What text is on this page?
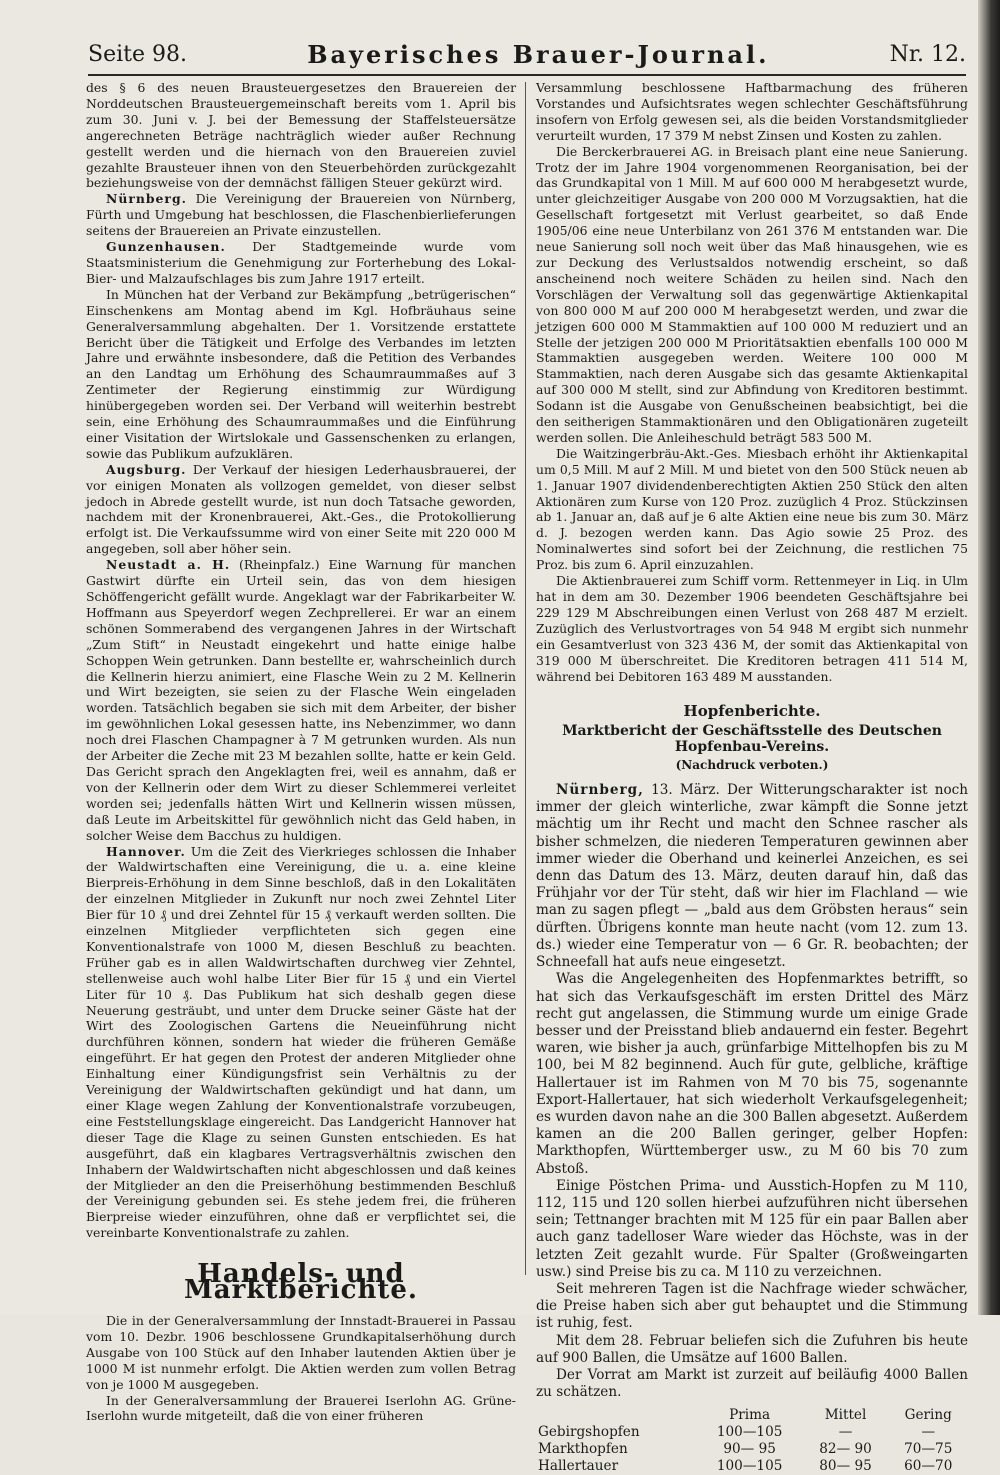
Seite 98.	Bayerisches Brauer-Journal.	Nr. 12.

des § 6 des neuen Brausteuergesetzes den Brauereien der Norddeutschen Brausteuergemeinschaft bereits vom 1. April bis zum 30. Juni v. J. bei der Bemessung der Staffelsteuersätze angerechneten Beträge nachträglich wieder außer Rechnung gestellt werden und die hiernach von den Brauereien zuviel gezahlte Brausteuer ihnen von den Steuerbehörden zurückgezahlt beziehungsweise von der demnächst fälligen Steuer gekürzt wird.

Nürnberg. Die Vereinigung der Brauereien von Nürnberg, Fürth und Umgebung hat beschlossen, die Flaschenbierlieferungen seitens der Brauereien an Private einzustellen.

Gunzenhausen. Der Stadtgemeinde wurde vom Staatsministerium die Genehmigung zur Forterhebung des Lokal-Bier- und Malzaufschlages bis zum Jahre 1917 erteilt.

In München hat der Verband zur Bekämpfung „betrügerischen“ Einschenkens am Montag abend im Kgl. Hofbräuhaus seine Generalversammlung abgehalten. Der 1. Vorsitzende erstattete Bericht über die Tätigkeit und Erfolge des Verbandes im letzten Jahre und erwähnte insbesondere, daß die Petition des Verbandes an den Landtag um Erhöhung des Schaumraummaßes auf 3 Zentimeter der Regierung einstimmig zur Würdigung hinübergegeben worden sei. Der Verband will weiterhin bestrebt sein, eine Erhöhung des Schaumraummaßes und die Einführung einer Visitation der Wirtslokale und Gassenschenken zu erlangen, sowie das Publikum aufzuklären.

Augsburg. Der Verkauf der hiesigen Lederhausbrauerei, der vor einigen Monaten als vollzogen gemeldet, von dieser selbst jedoch in Abrede gestellt wurde, ist nun doch Tatsache geworden, nachdem mit der Kronenbrauerei, Akt.-Ges., die Protokollierung erfolgt ist. Die Verkaufssumme wird von einer Seite mit 220 000 M angegeben, soll aber höher sein.

Neustadt a. H. (Rheinpfalz.) Eine Warnung für manchen Gastwirt dürfte ein Urteil sein, das von dem hiesigen Schöffengericht gefällt wurde. Angeklagt war der Fabrikarbeiter W. Hoffmann aus Speyerdorf wegen Zechprellerei. Er war an einem schönen Sommerabend des vergangenen Jahres in der Wirtschaft „Zum Stift“ in Neustadt eingekehrt und hatte einige halbe Schoppen Wein getrunken. Dann bestellte er, wahrscheinlich durch die Kellnerin hierzu animiert, eine Flasche Wein zu 2 M. Kellnerin und Wirt bezeigten, sie seien zu der Flasche Wein eingeladen worden. Tatsächlich begaben sie sich mit dem Arbeiter, der bisher im gewöhnlichen Lokal gesessen hatte, ins Nebenzimmer, wo dann noch drei Flaschen Champagner à 7 M getrunken wurden. Als nun der Arbeiter die Zeche mit 23 M bezahlen sollte, hatte er kein Geld. Das Gericht sprach den Angeklagten frei, weil es annahm, daß er von der Kellnerin oder dem Wirt zu dieser Schlemmerei verleitet worden sei; jedenfalls hätten Wirt und Kellnerin wissen müssen, daß Leute im Arbeitskittel für gewöhnlich nicht das Geld haben, in solcher Weise dem Bacchus zu huldigen.

Hannover. Um die Zeit des Vierkrieges schlossen die Inhaber der Waldwirtschaften eine Vereinigung, die u. a. eine kleine Bierpreis-Erhöhung in dem Sinne beschloß, daß in den Lokalitäten der einzelnen Mitglieder in Zukunft nur noch zwei Zehntel Liter Bier für 10 ₰ und drei Zehntel für 15 ₰ verkauft werden sollten. Die einzelnen Mitglieder verpflichteten sich gegen eine Konventionalstrafe von 1000 M, diesen Beschluß zu beachten. Früher gab es in allen Waldwirtschaften durchweg vier Zehntel, stellenweise auch wohl halbe Liter Bier für 15 ₰ und ein Viertel Liter für 10 ₰. Das Publikum hat sich deshalb gegen diese Neuerung gesträubt, und unter dem Drucke seiner Gäste hat der Wirt des Zoologischen Gartens die Neueinführung nicht durchführen können, sondern hat wieder die früheren Gemäße eingeführt. Er hat gegen den Protest der anderen Mitglieder ohne Einhaltung einer Kündigungsfrist sein Verhältnis zu der Vereinigung der Waldwirtschaften gekündigt und hat dann, um einer Klage wegen Zahlung der Konventionalstrafe vorzubeugen, eine Feststellungsklage eingereicht. Das Landgericht Hannover hat dieser Tage die Klage zu seinen Gunsten entschieden. Es hat ausgeführt, daß ein klagbares Vertragsverhältnis zwischen den Inhabern der Waldwirtschaften nicht abgeschlossen und daß keines der Mitglieder an den die Preiserhöhung bestimmenden Beschluß der Vereinigung gebunden sei. Es stehe jedem frei, die früheren Bierpreise wieder einzuführen, ohne daß er verpflichtet sei, die vereinbarte Konventionalstrafe zu zahlen.

Handels- und Marktberichte.

Die in der Generalversammlung der Innstadt-Brauerei in Passau vom 10. Dezbr. 1906 beschlossene Grundkapitalserhöhung durch Ausgabe von 100 Stück auf den Inhaber lautenden Aktien über je 1000 M ist nunmehr erfolgt. Die Aktien werden zum vollen Betrag von je 1000 M ausgegeben.

In der Generalversammlung der Brauerei Iserlohn AG. Grüne-Iserlohn wurde mitgeteilt, daß die von einer früheren

Versammlung beschlossene Haftbarmachung des früheren Vorstandes und Aufsichtsrates wegen schlechter Geschäftsführung insofern von Erfolg gewesen sei, als die beiden Vorstandsmitglieder verurteilt wurden, 17 379 M nebst Zinsen und Kosten zu zahlen.

Die Berckerbrauerei AG. in Breisach plant eine neue Sanierung. Trotz der im Jahre 1904 vorgenommenen Reorganisation, bei der das Grundkapital von 1 Mill. M auf 600 000 M herabgesetzt wurde, unter gleichzeitiger Ausgabe von 200 000 M Vorzugsaktien, hat die Gesellschaft fortgesetzt mit Verlust gearbeitet, so daß Ende 1905/06 eine neue Unterbilanz von 261 376 M entstanden war. Die neue Sanierung soll noch weit über das Maß hinausgehen, wie es zur Deckung des Verlustsaldos notwendig erscheint, so daß anscheinend noch weitere Schäden zu heilen sind. Nach den Vorschlägen der Verwaltung soll das gegenwärtige Aktienkapital von 800 000 M auf 200 000 M herabgesetzt werden, und zwar die jetzigen 600 000 M Stammaktien auf 100 000 M reduziert und an Stelle der jetzigen 200 000 M Prioritätsaktien ebenfalls 100 000 M Stammaktien ausgegeben werden. Weitere 100 000 M Stammaktien, nach deren Ausgabe sich das gesamte Aktienkapital auf 300 000 M stellt, sind zur Abfindung von Kreditoren bestimmt. Sodann ist die Ausgabe von Genußscheinen beabsichtigt, bei die den seitherigen Stammaktionären und den Obligationären zugeteilt werden sollen. Die Anleiheschuld beträgt 583 500 M.

Die Waitzingerbräu-Akt.-Ges. Miesbach erhöht ihr Aktienkapital um 0,5 Mill. M auf 2 Mill. M und bietet von den 500 Stück neuen ab 1. Januar 1907 dividendenberechtigten Aktien 250 Stück den alten Aktionären zum Kurse von 120 Proz. zuzüglich 4 Proz. Stückzinsen ab 1. Januar an, daß auf je 6 alte Aktien eine neue bis zum 30. März d. J. bezogen werden kann. Das Agio sowie 25 Proz. des Nominalwertes sind sofort bei der Zeichnung, die restlichen 75 Proz. bis zum 6. April einzuzahlen.

Die Aktienbrauerei zum Schiff vorm. Rettenmeyer in Liq. in Ulm hat in dem am 30. Dezember 1906 beendeten Geschäftsjahre bei 229 129 M Abschreibungen einen Verlust von 268 487 M erzielt. Zuzüglich des Verlustvortrages von 54 948 M ergibt sich nunmehr ein Gesamtverlust von 323 436 M, der somit das Aktienkapital von 319 000 M überschreitet. Die Kreditoren betragen 411 514 M, während bei Debitoren 163 489 M ausstanden.

Hopfenberichte.
Marktbericht der Geschäftsstelle des Deutschen Hopfenbau-Vereins.
(Nachdruck verboten.)

Nürnberg, 13. März. Der Witterungscharakter ist noch immer der gleich winterliche, zwar kämpft die Sonne jetzt mächtig um ihr Recht und macht den Schnee rascher als bisher schmelzen, die niederen Temperaturen gewinnen aber immer wieder die Oberhand und keinerlei Anzeichen, es sei denn das Datum des 13. März, deuten darauf hin, daß das Frühjahr vor der Tür steht, daß wir hier im Flachland — wie man zu sagen pflegt — „bald aus dem Gröbsten heraus“ sein dürften. Übrigens konnte man heute nacht (vom 12. zum 13. ds.) wieder eine Temperatur von — 6 Gr. R. beobachten; der Schneefall hat aufs neue eingesetzt.

Was die Angelegenheiten des Hopfenmarktes betrifft, so hat sich das Verkaufsgeschäft im ersten Drittel des März recht gut angelassen, die Stimmung wurde um einige Grade besser und der Preisstand blieb andauernd ein fester. Begehrt waren, wie bisher ja auch, grünfarbige Mittelhopfen bis zu M 100, bei M 82 beginnend. Auch für gute, gelbliche, kräftige Hallertauer ist im Rahmen von M 70 bis 75, sogenannte Export-Hallertauer, hat sich wiederholt Verkaufsgelegenheit; es wurden davon nahe an die 300 Ballen abgesetzt. Außerdem kamen an die 200 Ballen geringer, gelber Hopfen: Markthopfen, Württemberger usw., zu M 60 bis 70 zum Abstoß.

Einige Pöstchen Prima- und Ausstich-Hopfen zu M 110, 112, 115 und 120 sollen hierbei aufzuführen nicht übersehen sein; Tettnanger brachten mit M 125 für ein paar Ballen aber auch ganz tadelloser Ware wieder das Höchste, was in der letzten Zeit gezahlt wurde. Für Spalter (Großweingarten usw.) sind Preise bis zu ca. M 110 zu verzeichnen.

Seit mehreren Tagen ist die Nachfrage wieder schwächer, die Preise haben sich aber gut behauptet und die Stimmung ist ruhig, fest.

Mit dem 28. Februar beliefen sich die Zufuhren bis heute auf 900 Ballen, die Umsätze auf 1600 Ballen.

Der Vorrat am Markt ist zurzeit auf beiläufig 4000 Ballen zu schätzen.

	Prima	Mittel	Gering
Gebirgshopfen	100—105	—	—
Markthopfen	90— 95	82— 90	70—75
Hallertauer	100—105	80— 95	60—70
